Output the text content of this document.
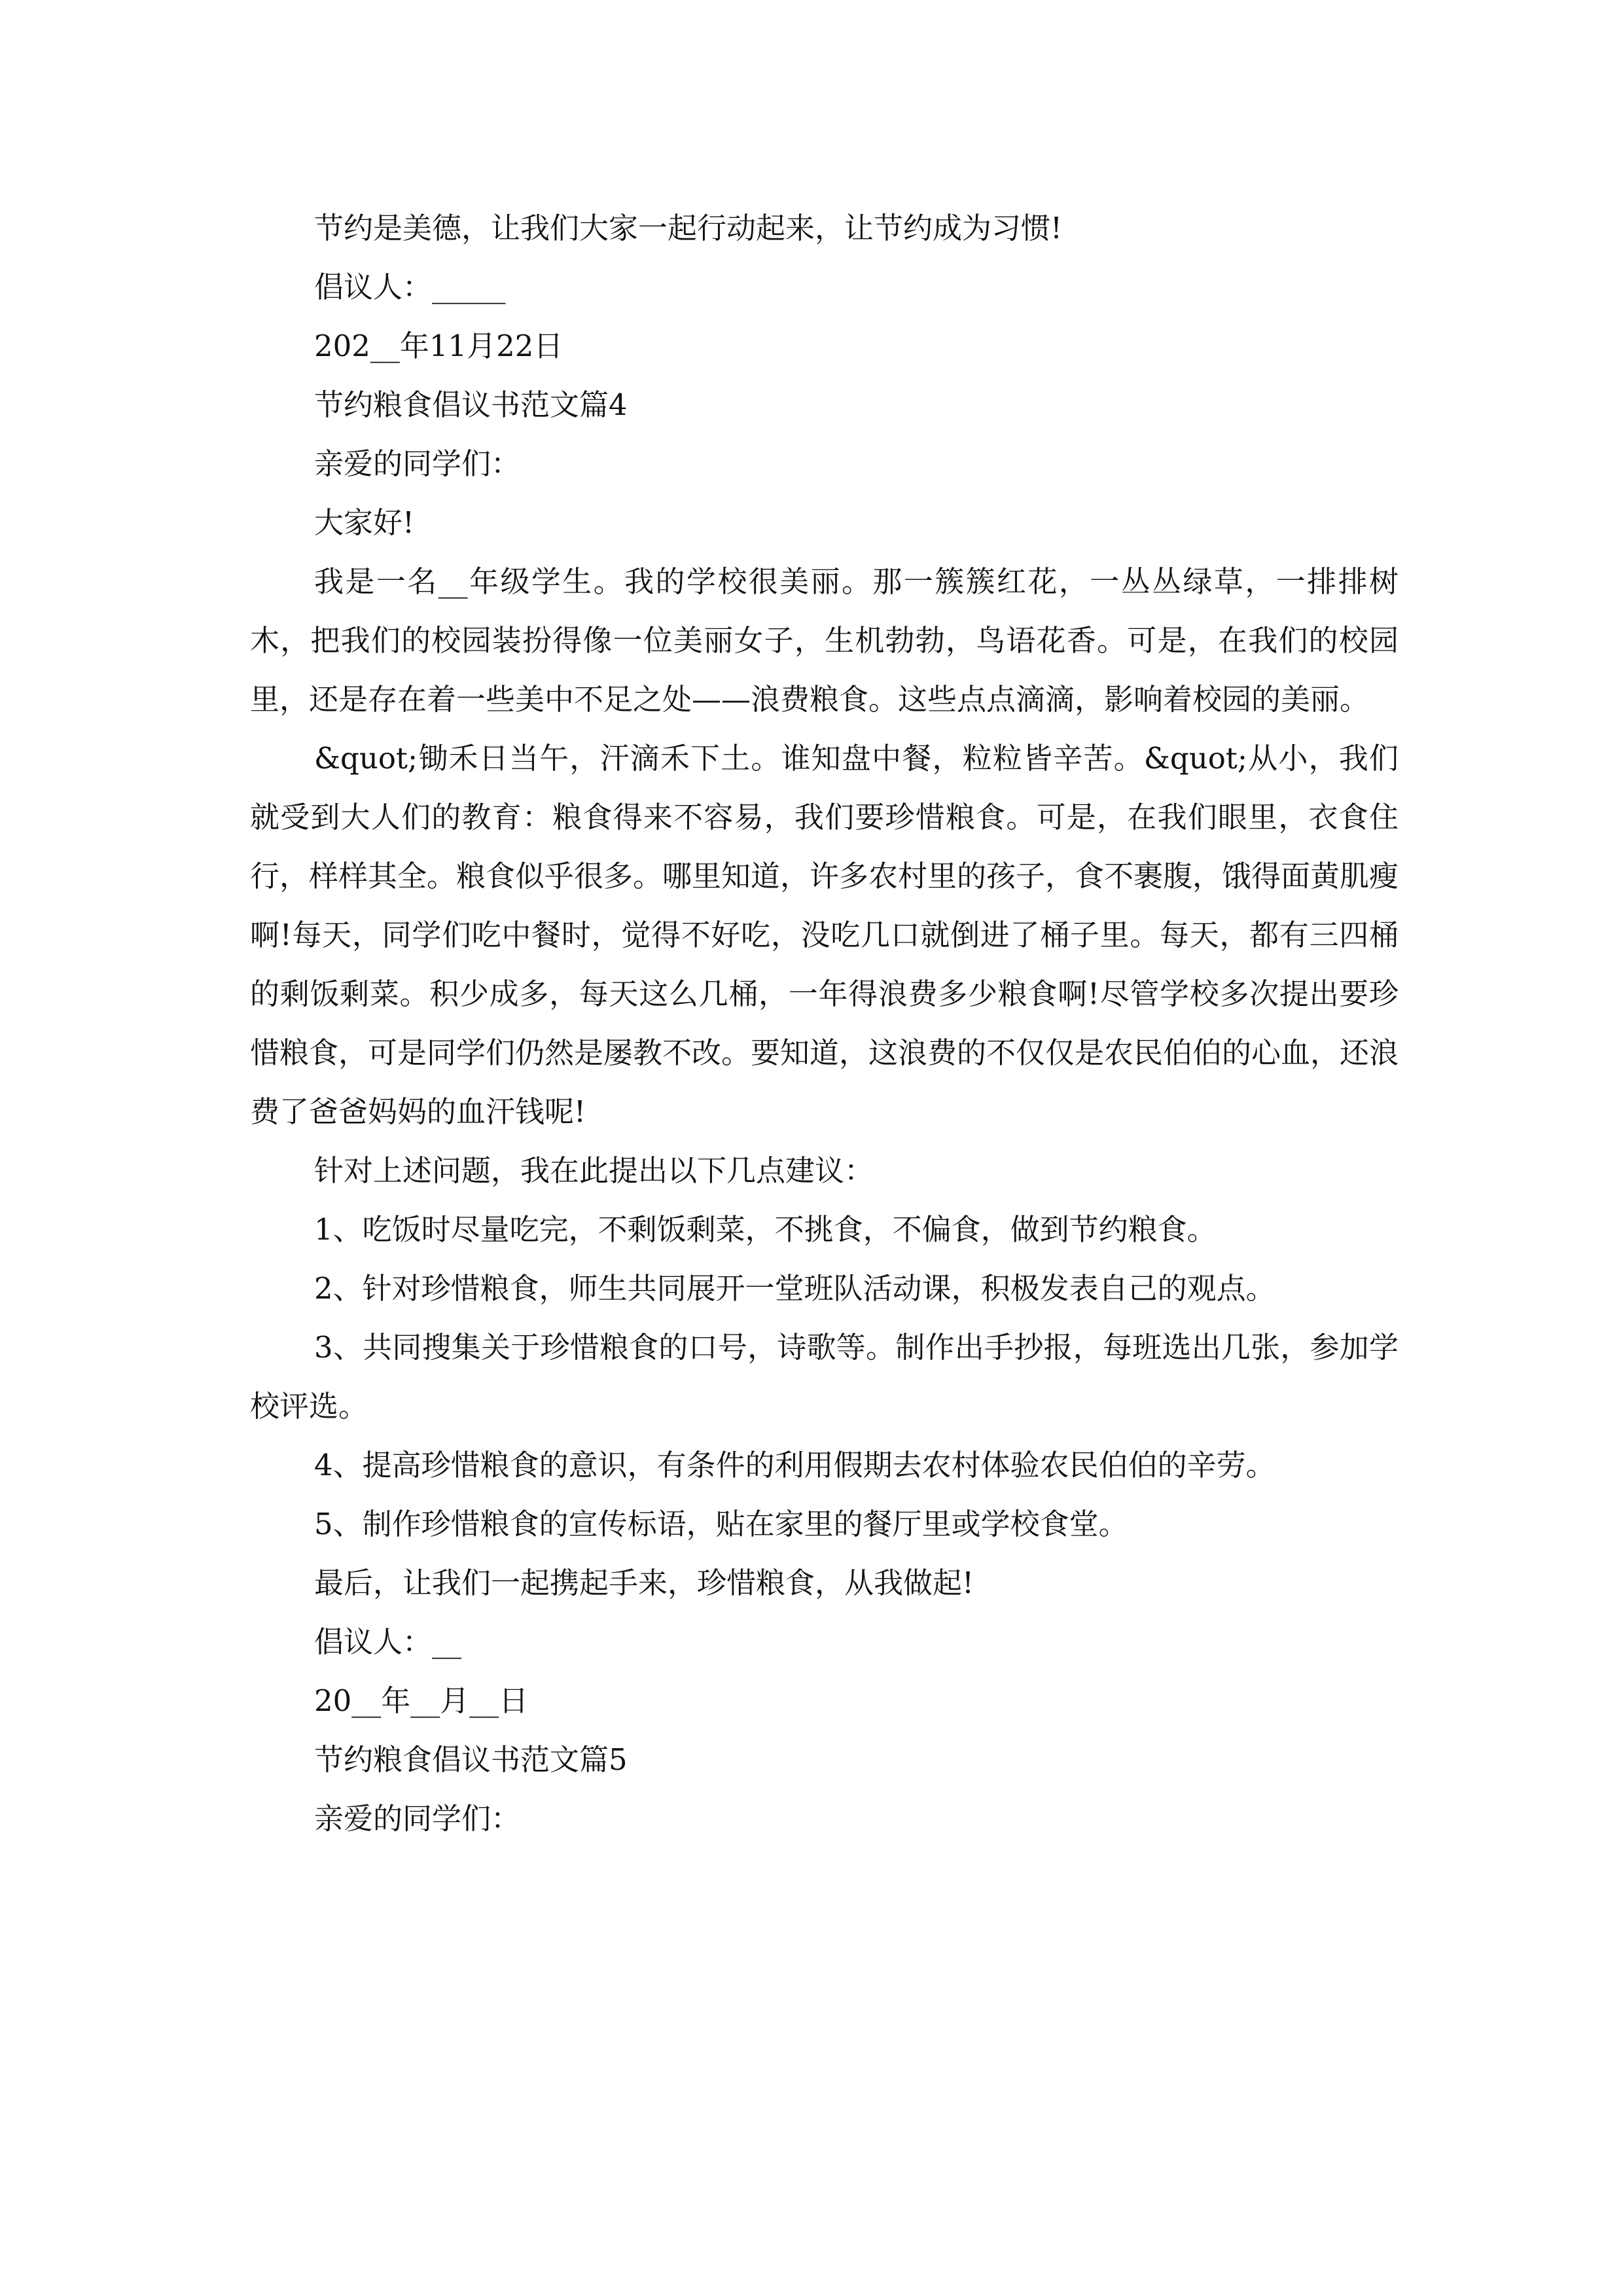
节约是美德，让我们大家一起行动起来，让节约成为习惯!

倡议人：_____

202__年11月22日

节约粮食倡议书范文篇4

亲爱的同学们：

大家好!

我是一名__年级学生。我的学校很美丽。那一簇簇红花，一丛丛绿草，一排排树木，把我们的校园装扮得像一位美丽女子，生机勃勃，鸟语花香。可是，在我们的校园里，还是存在着一些美中不足之处——浪费粮食。这些点点滴滴，影响着校园的美丽。

&quot;锄禾日当午，汗滴禾下土。谁知盘中餐，粒粒皆辛苦。&quot;从小，我们就受到大人们的教育：粮食得来不容易，我们要珍惜粮食。可是，在我们眼里，衣食住行，样样其全。粮食似乎很多。哪里知道，许多农村里的孩子，食不裹腹，饿得面黄肌瘦啊!每天，同学们吃中餐时，觉得不好吃，没吃几口就倒进了桶子里。每天，都有三四桶的剩饭剩菜。积少成多，每天这么几桶，一年得浪费多少粮食啊!尽管学校多次提出要珍惜粮食，可是同学们仍然是屡教不改。要知道，这浪费的不仅仅是农民伯伯的心血，还浪费了爸爸妈妈的血汗钱呢!

针对上述问题，我在此提出以下几点建议：

1、吃饭时尽量吃完，不剩饭剩菜，不挑食，不偏食，做到节约粮食。

2、针对珍惜粮食，师生共同展开一堂班队活动课，积极发表自己的观点。

3、共同搜集关于珍惜粮食的口号，诗歌等。制作出手抄报，每班选出几张，参加学校评选。

4、提高珍惜粮食的意识，有条件的利用假期去农村体验农民伯伯的辛劳。

5、制作珍惜粮食的宣传标语，贴在家里的餐厅里或学校食堂。

最后，让我们一起携起手来，珍惜粮食，从我做起!

倡议人：__

20__年__月__日

节约粮食倡议书范文篇5

亲爱的同学们：
